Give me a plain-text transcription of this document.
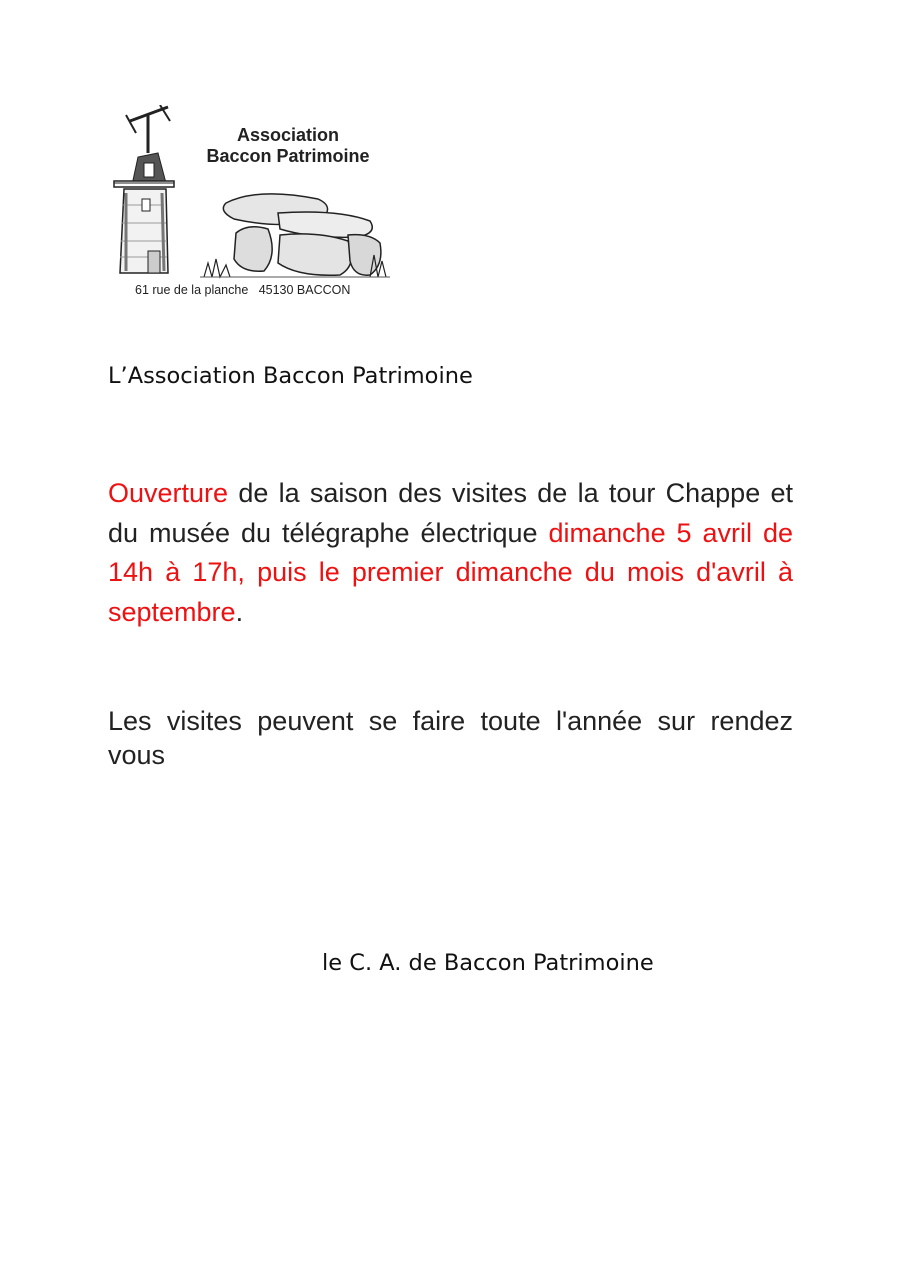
Association
Baccon Patrimoine
61 rue de la planche   45130 BACCON
L’Association Baccon Patrimoine
Ouverture de la saison des visites de la tour Chappe et du musée du télégraphe électrique dimanche 5 avril de 14h à 17h, puis le premier dimanche du mois d'avril à septembre.
Les visites peuvent se faire toute l'année sur rendez vous
le C. A. de Baccon Patrimoine
